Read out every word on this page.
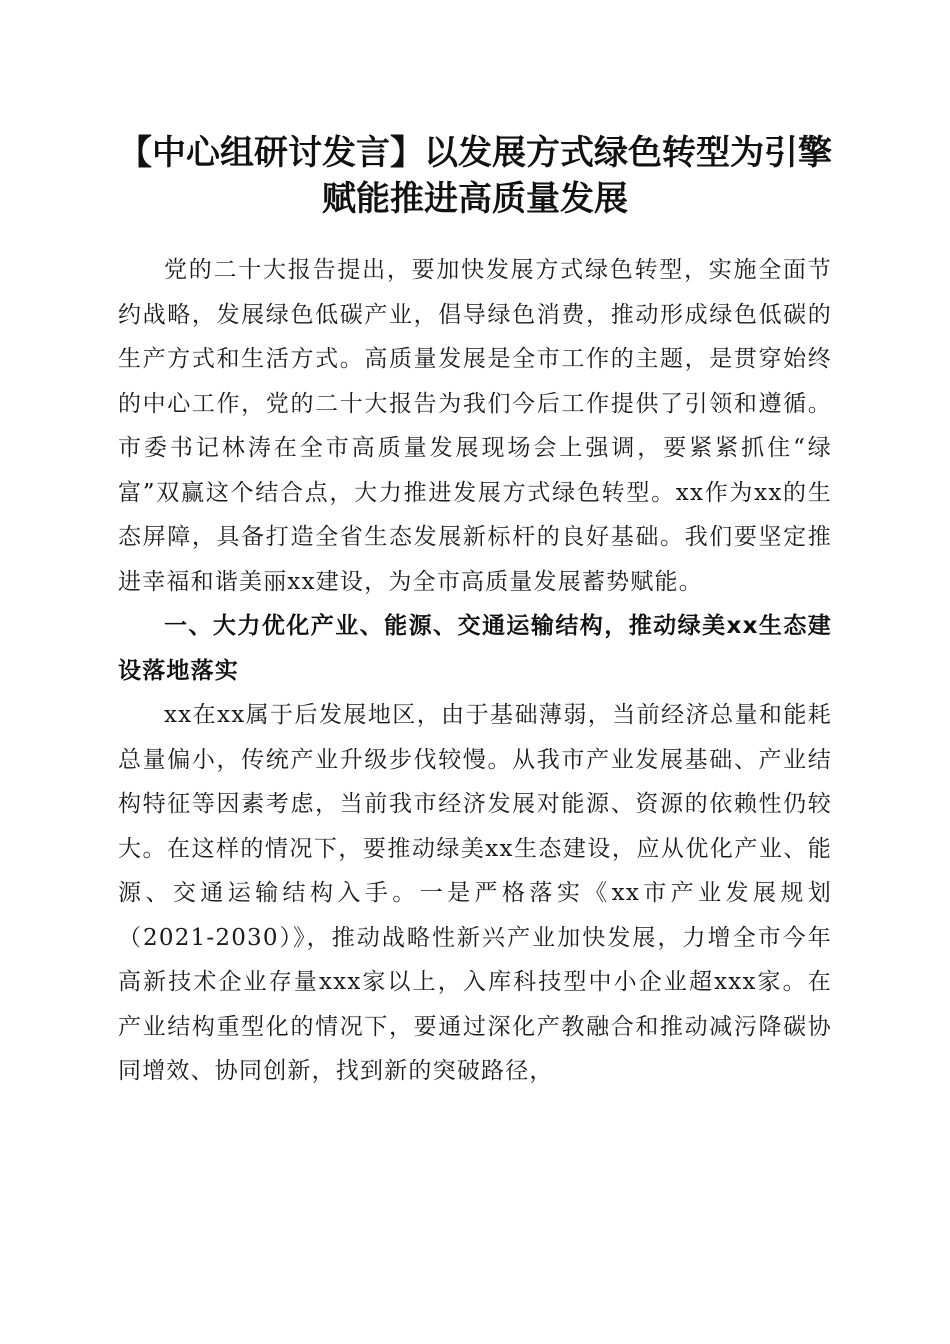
【中心组研讨发言】以发展方式绿色转型为引擎赋能推进高质量发展

党的二十大报告提出，要加快发展方式绿色转型，实施全面节约战略，发展绿色低碳产业，倡导绿色消费，推动形成绿色低碳的生产方式和生活方式。高质量发展是全市工作的主题，是贯穿始终的中心工作，党的二十大报告为我们今后工作提供了引领和遵循。市委书记林涛在全市高质量发展现场会上强调，要紧紧抓住“绿富”双赢这个结合点，大力推进发展方式绿色转型。xx作为xx的生态屏障，具备打造全省生态发展新标杆的良好基础。我们要坚定推进幸福和谐美丽xx建设，为全市高质量发展蓄势赋能。

一、大力优化产业、能源、交通运输结构，推动绿美xx生态建设落地落实

xx在xx属于后发展地区，由于基础薄弱，当前经济总量和能耗总量偏小，传统产业升级步伐较慢。从我市产业发展基础、产业结构特征等因素考虑，当前我市经济发展对能源、资源的依赖性仍较大。在这样的情况下，要推动绿美xx生态建设，应从优化产业、能源、交通运输结构入手。一是严格落实《xx市产业发展规划（2021-2030）》，推动战略性新兴产业加快发展，力增全市今年高新技术企业存量xxx家以上，入库科技型中小企业超xxx家。在产业结构重型化的情况下，要通过深化产教融合和推动减污降碳协同增效、协同创新，找到新的突破路径，
